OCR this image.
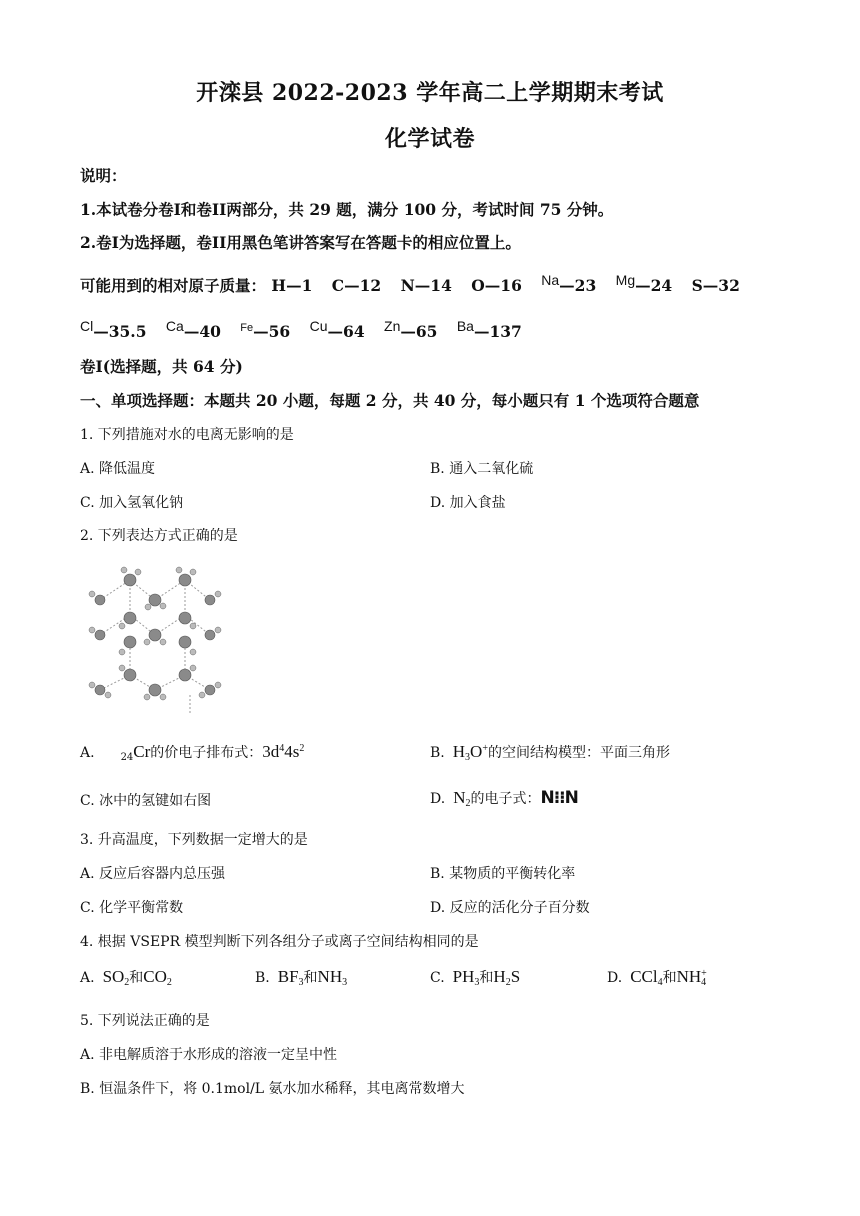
开滦县 2022-2023 学年高二上学期期末考试
化学试卷
说明：
1.本试卷分卷I和卷II两部分，共 29 题，满分 100 分，考试时间 75 分钟。
2.卷I为选择题，卷II用黑色笔讲答案写在答题卡的相应位置上。
可能用到的相对原子质量： H—1 C—12 N—14 O—16 Na—23 Mg—24 S—32
Cl—35.5 Ca—40 $^{Fe}$—56 Cu—64 Zn—65 Ba—137
卷I(选择题，共 64 分)
一、单项选择题：本题共 20 小题，每题 2 分，共 40 分，每小题只有 1 个选项符合题意
1. 下列措施对水的电离无影响的是
A. 降低温度	B. 通入二氧化硫
C. 加入氢氧化钠	D. 加入食盐
2. 下列表达方式正确的是
A.	$_{24}$Cr的价电子排布式：$3d^44s^2$	B. $H_3O^+$的空间结构模型：平面三角形
C. 冰中的氢键如右图	D. $N_2$的电子式：N⁝⁝N
3. 升高温度，下列数据一定增大的是
A. 反应后容器内总压强	B. 某物质的平衡转化率
C. 化学平衡常数	D. 反应的活化分子百分数
4. 根据 VSEPR 模型判断下列各组分子或离子空间结构相同的是
A. $SO_2$和$CO_2$	B. $BF_3$和$NH_3$	C. $PH_3$和$H_2S$	D. CCl$_4$和$NH_4^+$
5. 下列说法正确的是
A. 非电解质溶于水形成的溶液一定呈中性
B. 恒温条件下，将 0.1mol/L 氨水加水稀释，其电离常数增大
